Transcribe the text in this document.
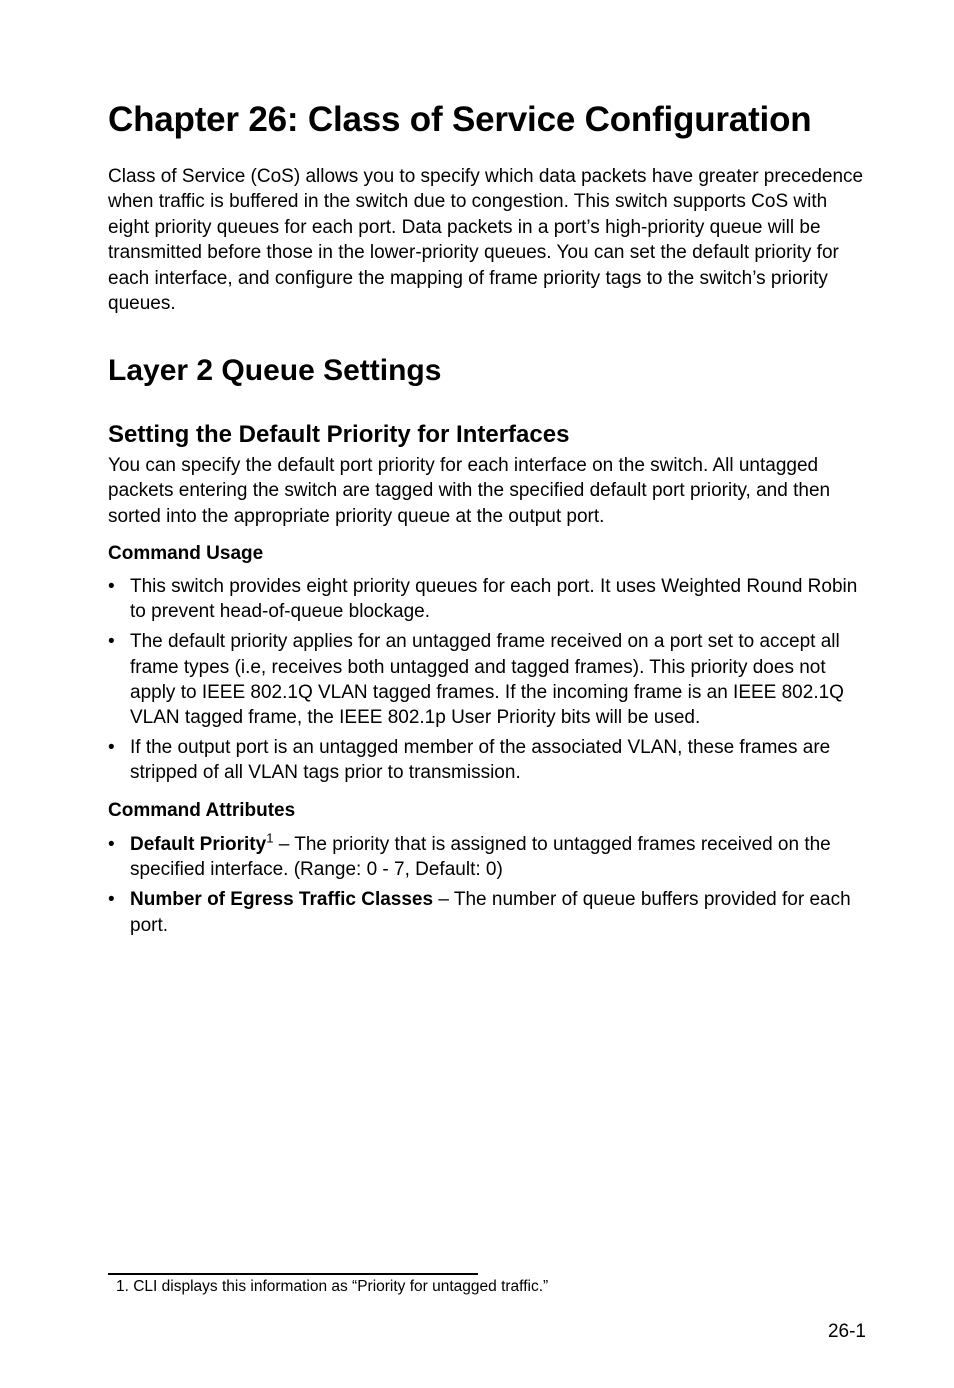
Chapter 26: Class of Service Configuration

Class of Service (CoS) allows you to specify which data packets have greater precedence when traffic is buffered in the switch due to congestion. This switch supports CoS with eight priority queues for each port. Data packets in a port’s high-priority queue will be transmitted before those in the lower-priority queues. You can set the default priority for each interface, and configure the mapping of frame priority tags to the switch’s priority queues.

Layer 2 Queue Settings
Setting the Default Priority for Interfaces

You can specify the default port priority for each interface on the switch. All untagged packets entering the switch are tagged with the specified default port priority, and then sorted into the appropriate priority queue at the output port.

Command Usage

• This switch provides eight priority queues for each port. It uses Weighted Round Robin to prevent head-of-queue blockage.
• The default priority applies for an untagged frame received on a port set to accept all frame types (i.e, receives both untagged and tagged frames). This priority does not apply to IEEE 802.1Q VLAN tagged frames. If the incoming frame is an IEEE 802.1Q VLAN tagged frame, the IEEE 802.1p User Priority bits will be used.
• If the output port is an untagged member of the associated VLAN, these frames are stripped of all VLAN tags prior to transmission.

Command Attributes

• Default Priority$^1$ – The priority that is assigned to untagged frames received on the specified interface. (Range: 0 - 7, Default: 0)
• Number of Egress Traffic Classes – The number of queue buffers provided for each port.

1. CLI displays this information as “Priority for untagged traffic.”

26-1
